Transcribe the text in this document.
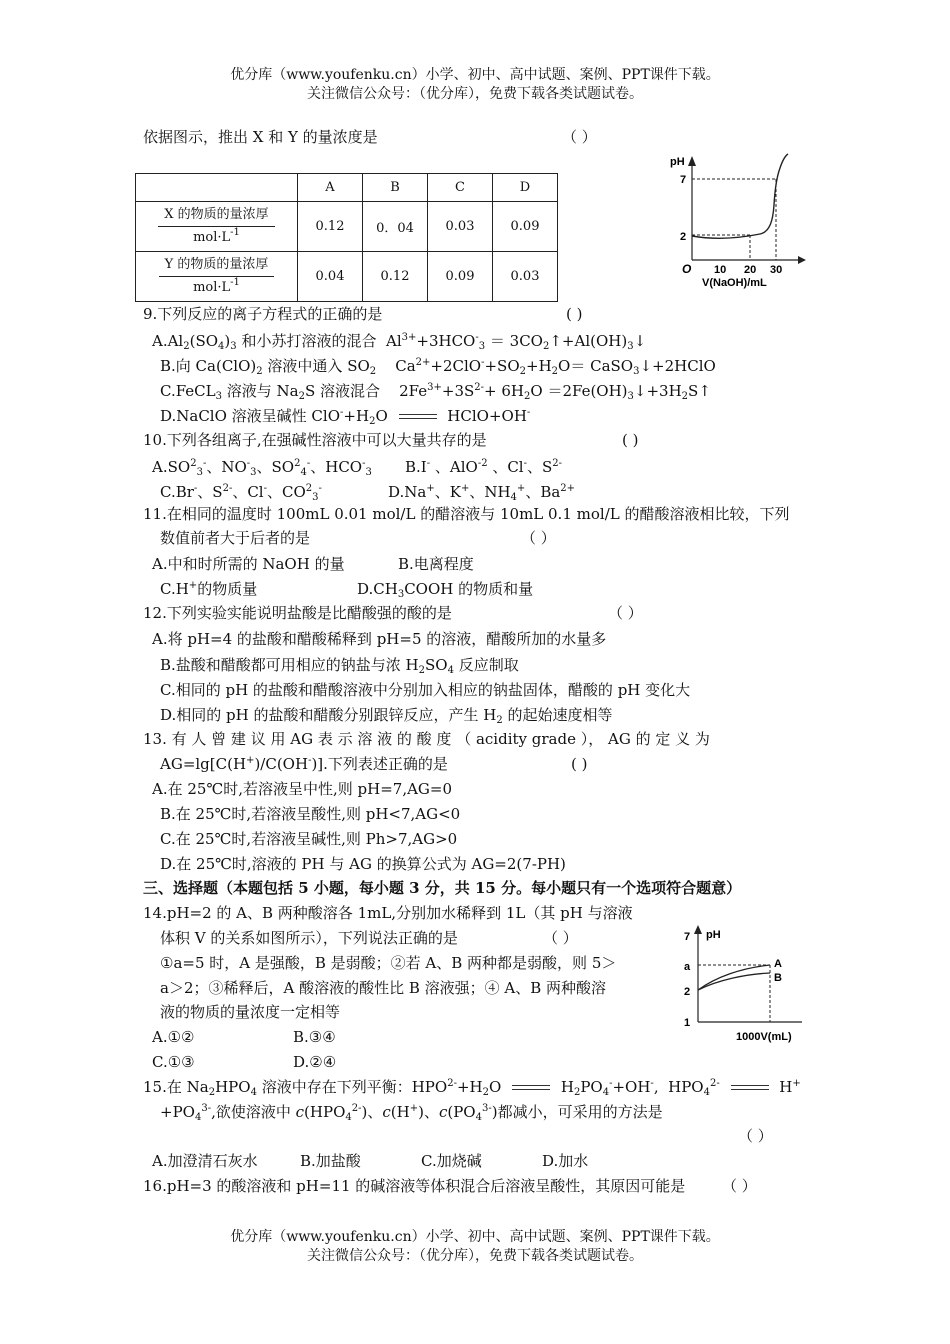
优分库（www.youfenku.cn）小学、初中、高中试题、案例、PPT课件下载。
关注微信公众号：（优分库），免费下载各类试题试卷。
依据图示，推出 X 和 Y 的量浓度是	（ ）
	A	B	C	D

$\frac{\text{X 的物质的量浓厚}}{mol\cdot L^{-1}}$	0.12	0．04	0.03	0.09

$\frac{\text{Y 的物质的量浓厚}}{mol\cdot L^{-1}}$	0.04	0.12	0.09	0.03
pH
7
2
O 10 20 30
V(NaOH)/mL
9.下列反应的离子方程式的正确的是	( )
$A.Al_2(SO_4)_3$ 和小苏打溶液的混合  $Al^{3+}+3HCO^-_3$ ＝ $3CO_2↑+Al(OH)_3↓$
B.向 $Ca(ClO)_2$ 溶液中通入 $SO_2$    $Ca^{2+}+2ClO^-+SO_2+H_2O=$ CaSO$_3$↓+2HClO
C.FeCL$_3$ 溶液与 $Na_2S$ 溶液混合    $2Fe^{3+}+3S^{2-}+ 6H_2O$ $=2Fe(OH)_3↓+3H_2S↑$
D.NaClO 溶液呈碱性 $ClO^-+H_2O$	HClO+OH-
10.下列各组离子,在强碱性溶液中可以大量共存的是	( )
$A.SO^2_3^-$、$NO^-_3$、$SO^2_4^-$、$HCO^-_3$ B.I- 、AlO$^{-2}$ 、Cl-、$S^{2-}$
C.Br-、$S^{2-}$、Cl-、$CO^2_3^-$	D.Na+、K+、$NH_4^+$、$Ba^{2+}$
11.在相同的温度时 100mL 0.01 mol/L 的醋溶液与 10mL 0.1 mol/L 的醋酸溶液相比较，下列
数值前者大于后者的是	（ ）
A.中和时所需的 NaOH 的量	B.电离程度
C.H+的物质量	$D.CH_3COOH$ 的物质和量
12.下列实验实能说明盐酸是比醋酸强的酸的是	（ ）
A.将 pH=4 的盐酸和醋酸稀释到 pH=5 的溶液，醋酸所加的水量多
B.盐酸和醋酸都可用相应的钠盐与浓 $H_2SO_4$ 反应制取
C.相同的 pH 的盐酸和醋酸溶液中分别加入相应的钠盐固体，醋酸的 pH 变化大
D.相同的 pH 的盐酸和醋酸分别跟锌反应，产生 $H_2$ 的起始速度相等
13. 有 人 曾 建 议 用 AG 表 示 溶 液 的 酸 度 （ acidity grade ）， AG 的 定 义 为
AG=lg[C(H+)/C(OH-)].下列表述正确的是	( )
A.在 25℃时,若溶液呈中性,则 pH=7,AG=0
B.在 25℃时,若溶液呈酸性,则 pH<7,AG<0
C.在 25℃时,若溶液呈碱性,则 Ph>7,AG>0
D.在 25℃时,溶液的 PH 与 AG 的换算公式为 AG=2(7-PH)
三、选择题（本题包括 5 小题，每小题 3 分，共 15 分。每小题只有一个选项符合题意）
14.pH=2 的 A、B 两种酸溶各 1mL,分别加水稀释到 1L（其 pH 与溶液
体积 V 的关系如图所示），下列说法正确的是	（ ）
①a=5 时，A 是强酸，B 是弱酸；②若 A、B 两种都是弱酸，则 5＞
a＞2；③稀释后，A 酸溶液的酸性比 B 溶液强；④ A、B 两种酸溶
液的物质的量浓度一定相等
A.①②	B.③④
C.①③	D.②④
7 pH
a
2
1
A
B
1000V(mL)
15.在 $Na_2HPO_4$ 溶液中存在下列平衡：$HPO^{2-}+H_2O$	$H_2PO_4^-+OH^-$,  $HPO_4^{2-}$	H+
$+PO_4^{3-}$,欲使溶液中 $c(HPO_4^{2-})$、c(H+)、$c(PO_4^{3-})$都减小，可采用的方法是
（ ）
A.加澄清石灰水	B.加盐酸	C.加烧碱	D.加水
16.pH=3 的酸溶液和 pH=11 的碱溶液等体积混合后溶液呈酸性，其原因可能是 （ ）
优分库（www.youfenku.cn）小学、初中、高中试题、案例、PPT课件下载。
关注微信公众号：（优分库），免费下载各类试题试卷。
